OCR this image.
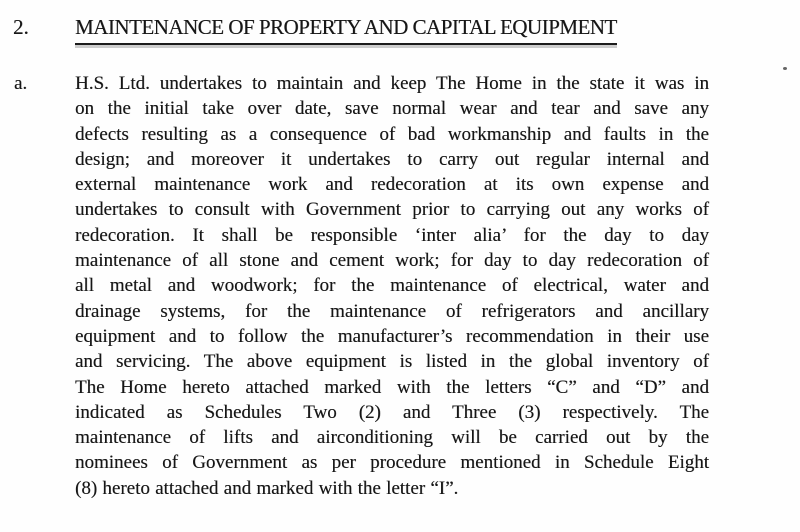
2. MAINTENANCE OF PROPERTY AND CAPITAL EQUIPMENT
a.	H.S. Ltd. undertakes to maintain and keep The Home in the state it was in
on the initial take over date, save normal wear and tear and save any
defects resulting as a consequence of bad workmanship and faults in the
design; and moreover it undertakes to carry out regular internal and
external maintenance work and redecoration at its own expense and
undertakes to consult with Government prior to carrying out any works of
redecoration. It shall be responsible ‘inter alia’ for the day to day
maintenance of all stone and cement work; for day to day redecoration of
all metal and woodwork; for the maintenance of electrical, water and
drainage systems, for the maintenance of refrigerators and ancillary
equipment and to follow the manufacturer’s recommendation in their use
and servicing. The above equipment is listed in the global inventory of
The Home hereto attached marked with the letters “C” and “D” and
indicated as Schedules Two (2) and Three (3) respectively. The
maintenance of lifts and airconditioning will be carried out by the
nominees of Government as per procedure mentioned in Schedule Eight
(8) hereto attached and marked with the letter “I”.
